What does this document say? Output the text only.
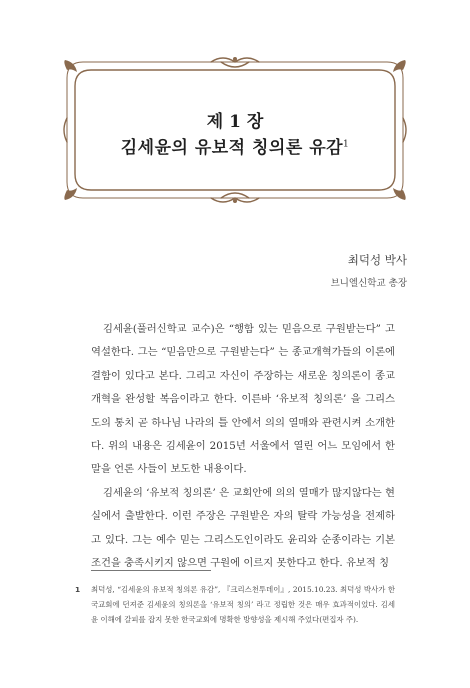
제 1 장
김세윤의 유보적 칭의론 유감$^1$
최덕성 박사
브니엘신학교 총장

김세윤(풀러신학교 교수)은 “행함 있는 믿음으로 구원받는다” 고 역설한다. 그는 “믿음만으로 구원받는다” 는 종교개혁가들의 이론에 결함이 있다고 본다. 그리고 자신이 주장하는 새로운 칭의론이 종교개혁을 완성할 복음이라고 한다. 이른바 ‘유보적 칭의론’ 을 그리스도의 통치 곧 하나님 나라의 틀 안에서 의의 열매와 관련시켜 소개한다. 위의 내용은 김세윤이 2015년 서울에서 열린 어느 모임에서 한 말을 언론 사들이 보도한 내용이다.

김세윤의 ‘유보적 칭의론’ 은 교회안에 의의 열매가 많지않다는 현실에서 출발한다. 이런 주장은 구원받은 자의 탈락 가능성을 전제하고 있다. 그는 예수 믿는 그리스도인이라도 윤리와 순종이라는 기본 조건을 충족시키지 않으면 구원에 이르지 못한다고 한다. 유보적 칭

1	최덕성, “김세윤의 유보적 칭의론 유감”, 『크리스천투데이』, 2015.10.23. 최덕성 박사가 한국교회에 던져준 김세윤의 칭의론을 ‘유보적 칭의’ 라고 정립한 것은 매우 효과적이었다. 김세윤 이해에 갈피를 잡지 못한 한국교회에 명확한 방향성을 제시해 주었다(편집자 주).
